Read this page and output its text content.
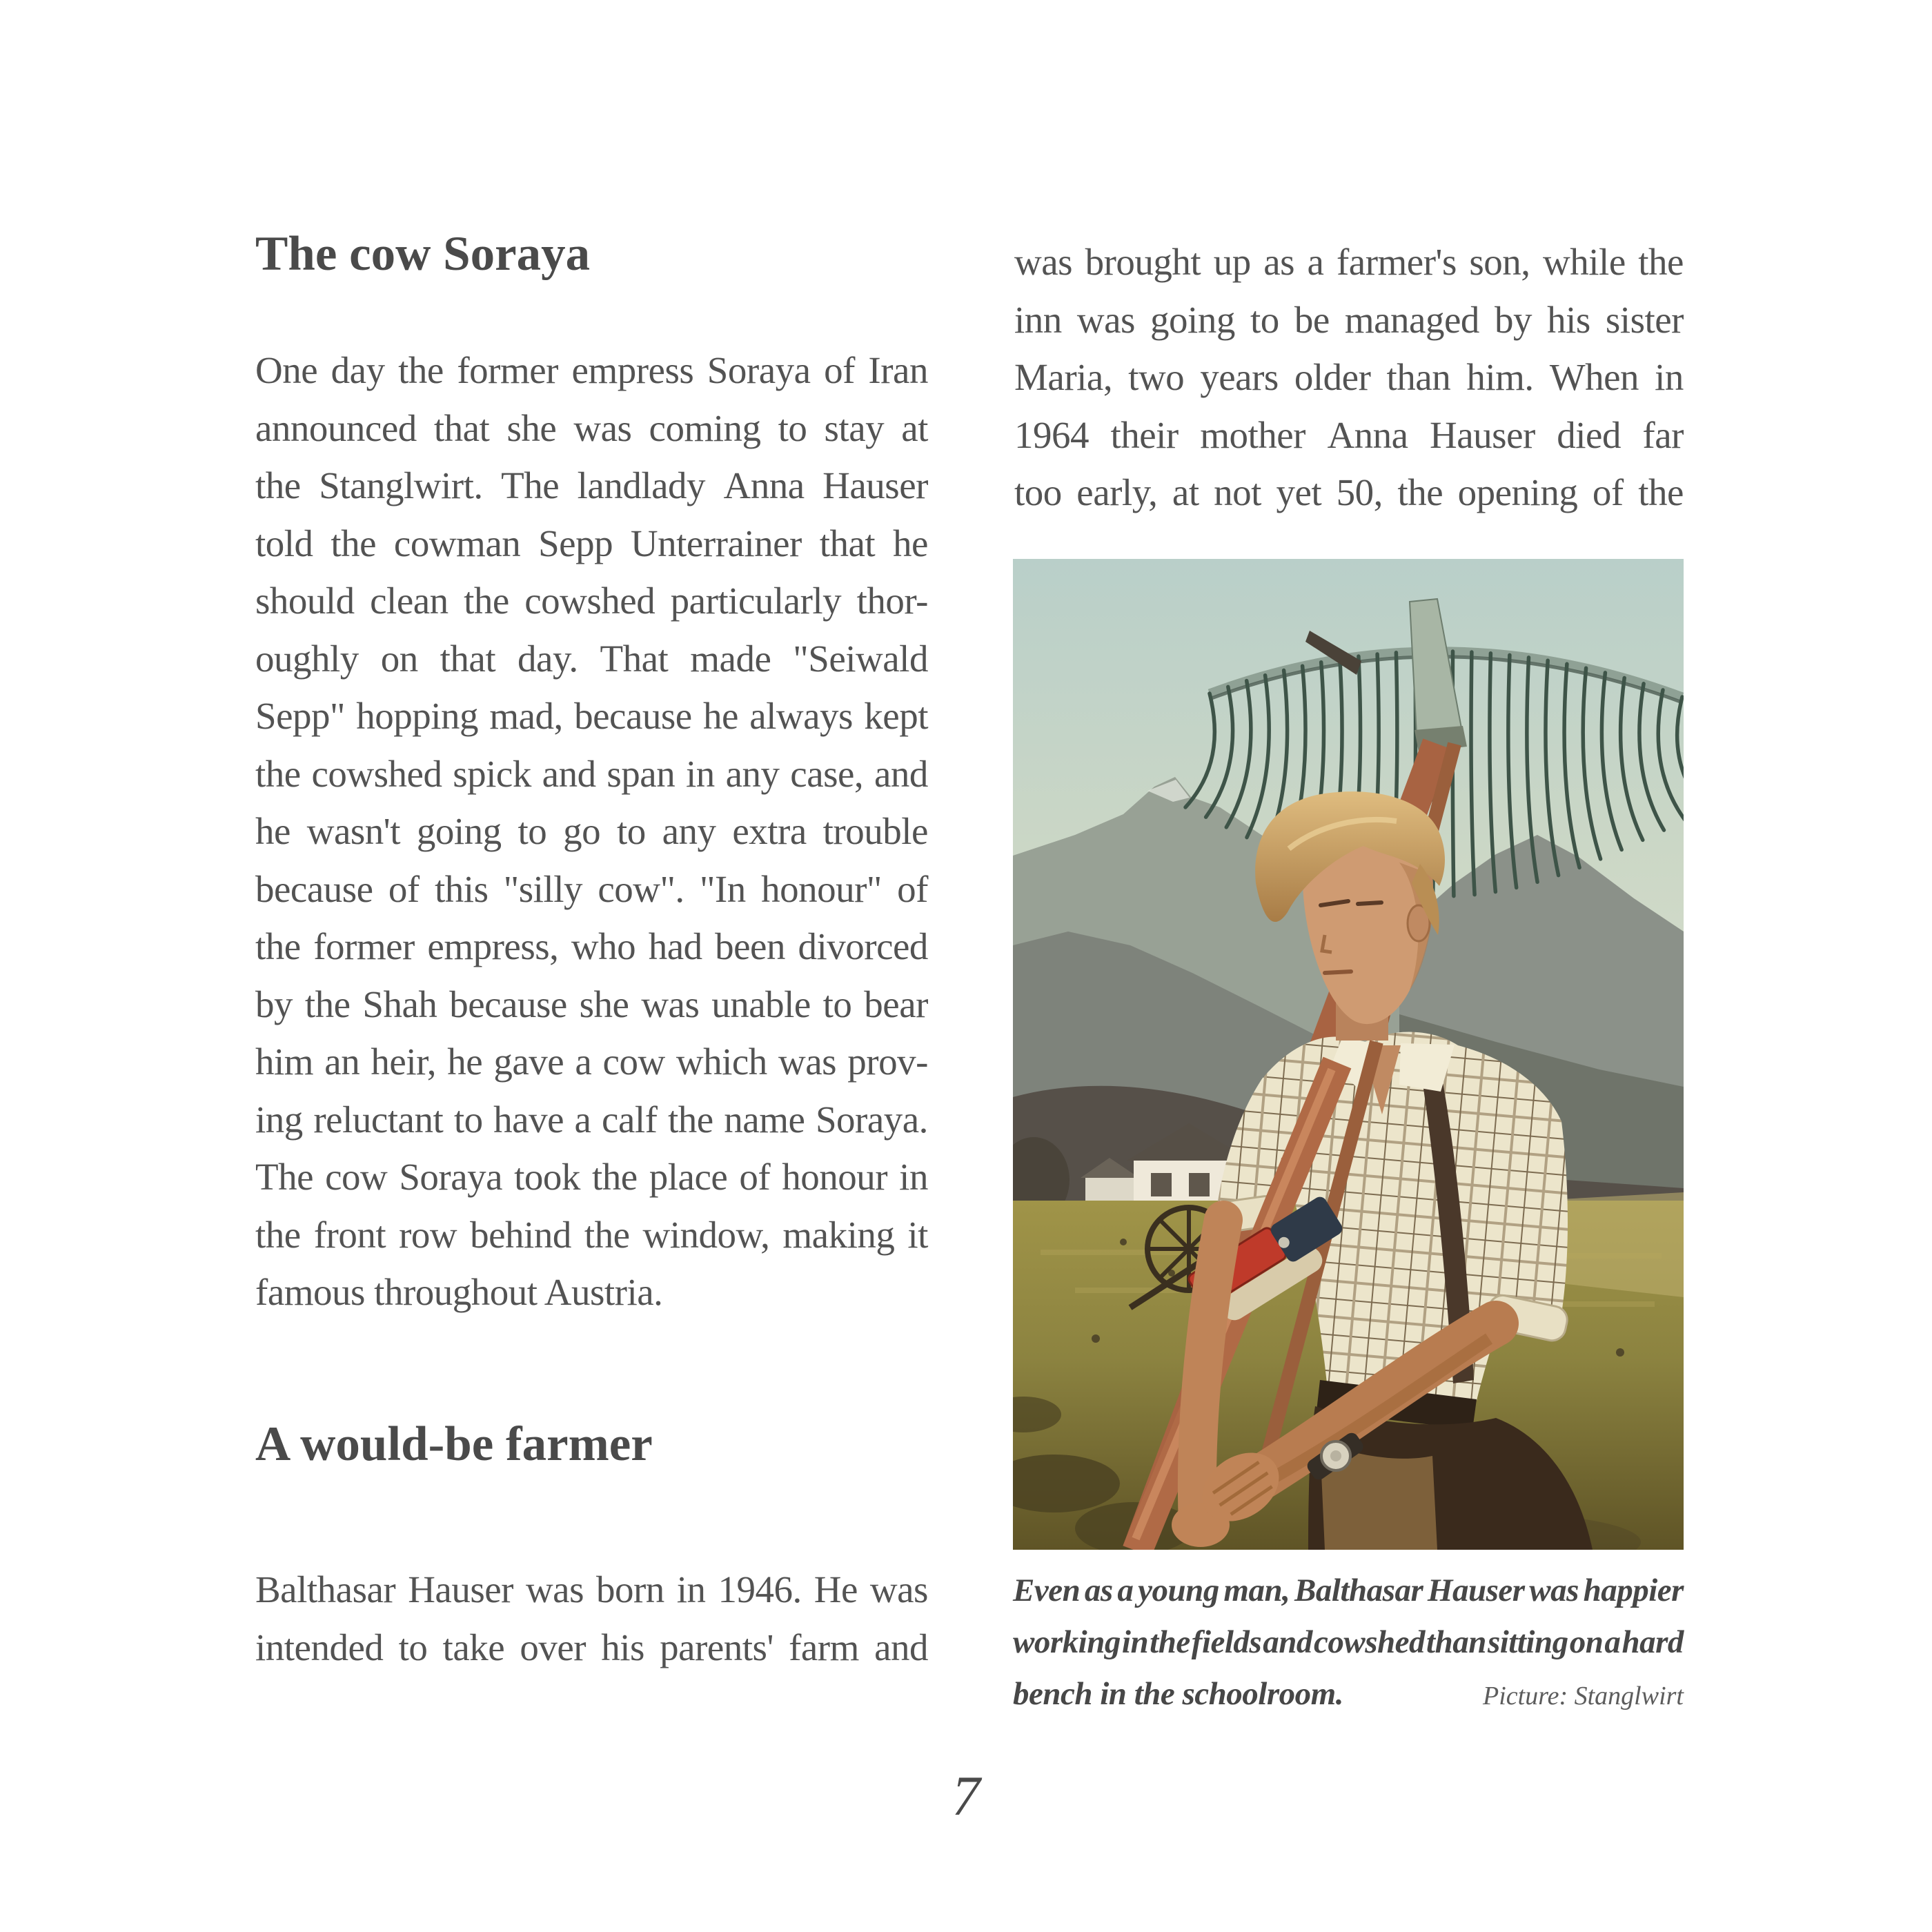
The cow Soraya
One day the former empress Soraya of Iran
announced that she was coming to stay at
the Stanglwirt. The landlady Anna Hauser
told the cowman Sepp Unterrainer that he
should clean the cowshed particularly thor-
oughly on that day. That made "Seiwald
Sepp" hopping mad, because he always kept
the cowshed spick and span in any case, and
he wasn't going to go to any extra trouble
because of this "silly cow". "In honour" of
the former empress, who had been divorced
by the Shah because she was unable to bear
him an heir, he gave a cow which was prov-
ing reluctant to have a calf the name Soraya.
The cow Soraya took the place of honour in
the front row behind the window, making it
famous throughout Austria.
A would-be farmer
Balthasar Hauser was born in 1946. He was
intended to take over his parents' farm and
was brought up as a farmer's son, while the
inn was going to be managed by his sister
Maria, two years older than him. When in
1964 their mother Anna Hauser died far
too early, at not yet 50, the opening of the
Even as a young man, Balthasar Hauser was happier
working in the fields and cowshed than sitting on a hard
bench in the schoolroom.	Picture: Stanglwirt
7
